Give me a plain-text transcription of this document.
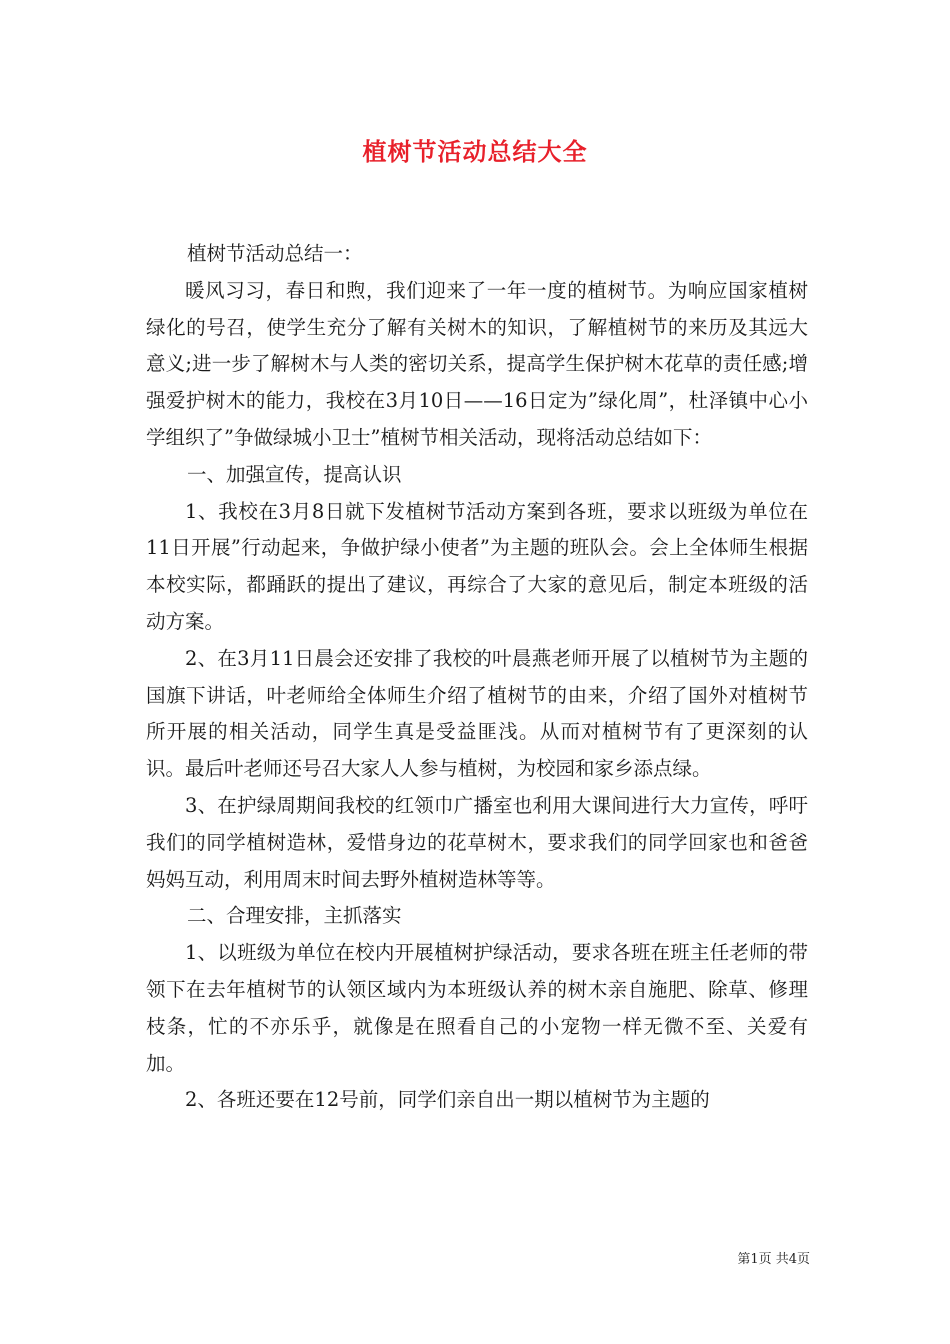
植树节活动总结大全

植树节活动总结一：

暖风习习，春日和煦，我们迎来了一年一度的植树节。为响应国家植树绿化的号召，使学生充分了解有关树木的知识，了解植树节的来历及其远大意义;进一步了解树木与人类的密切关系，提高学生保护树木花草的责任感;增强爱护树木的能力，我校在3月10日——16日定为”绿化周”，杜泽镇中心小学组织了”争做绿城小卫士”植树节相关活动，现将活动总结如下：

一、加强宣传，提高认识

1、我校在3月8日就下发植树节活动方案到各班，要求以班级为单位在11日开展”行动起来，争做护绿小使者”为主题的班队会。会上全体师生根据本校实际，都踊跃的提出了建议，再综合了大家的意见后，制定本班级的活动方案。

2、在3月11日晨会还安排了我校的叶晨燕老师开展了以植树节为主题的国旗下讲话，叶老师给全体师生介绍了植树节的由来，介绍了国外对植树节所开展的相关活动，同学生真是受益匪浅。从而对植树节有了更深刻的认识。最后叶老师还号召大家人人参与植树，为校园和家乡添点绿。

3、在护绿周期间我校的红领巾广播室也利用大课间进行大力宣传，呼吁我们的同学植树造林，爱惜身边的花草树木，要求我们的同学回家也和爸爸妈妈互动，利用周末时间去野外植树造林等等。

二、合理安排，主抓落实

1、以班级为单位在校内开展植树护绿活动，要求各班在班主任老师的带领下在去年植树节的认领区域内为本班级认养的树木亲自施肥、除草、修理枝条，忙的不亦乐乎，就像是在照看自己的小宠物一样无微不至、关爱有加。

2、各班还要在12号前，同学们亲自出一期以植树节为主题的

第1页 共4页
